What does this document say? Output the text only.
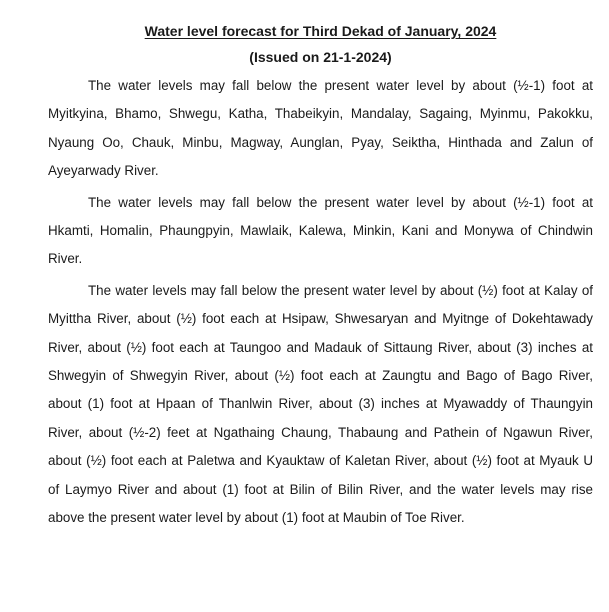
Water level forecast for Third Dekad of January, 2024
(Issued on 21-1-2024)

The water levels may fall below the present water level by about (½-1) foot at Myitkyina, Bhamo, Shwegu, Katha, Thabeikyin, Mandalay, Sagaing, Myinmu, Pakokku, Nyaung Oo, Chauk, Minbu, Magway, Aunglan, Pyay, Seiktha, Hinthada and Zalun of Ayeyarwady River.

The water levels may fall below the present water level by about (½-1) foot at Hkamti, Homalin, Phaungpyin, Mawlaik, Kalewa, Minkin, Kani and Monywa of Chindwin River.

The water levels may fall below the present water level by about (½) foot at Kalay of Myittha River, about (½) foot each at Hsipaw, Shwesaryan and Myitnge of Dokehtawady River, about (½) foot each at Taungoo and Madauk of Sittaung River, about (3) inches at Shwegyin of Shwegyin River, about (½) foot each at Zaungtu and Bago of Bago River, about (1) foot at Hpaan of Thanlwin River, about (3) inches at Myawaddy of Thaungyin River, about (½-2) feet at Ngathaing Chaung, Thabaung and Pathein of Ngawun River, about (½) foot each at Paletwa and Kyauktaw of Kaletan River, about (½) foot at Myauk U of Laymyo River and about (1) foot at Bilin of Bilin River, and the water levels may rise above the present water level by about (1) foot at Maubin of Toe River.
